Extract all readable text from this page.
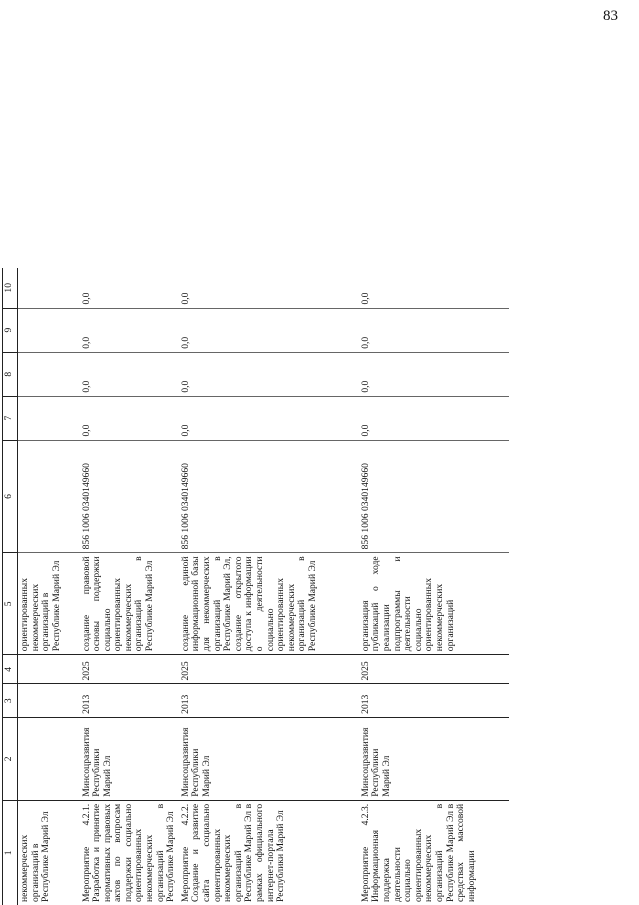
83
1	2	3	4	5	6	7	8	9	10
некоммерческих организаций в Республике Марий Эл				ориентированных некоммерческих организаций в Республике Марий Эл					
Мероприятие 4.2.1. Разработка и принятие нормативных правовых актов по вопросам поддержки социально ориентированных некоммерческих организаций в Республике Марий Эл	Минсоцразвития Республики Марий Эл	2013	2025	создание правовой основы поддержки социально ориентированных некоммерческих организаций в Республике Марий Эл	856 1006 0340149660	0,0	0,0	0,0	0,0
Мероприятие 4.2.2. Создание и развитие сайта социально ориентированных некоммерческих организаций в Республике Марий Эл в рамках официального интернет-портала Республики Марий Эл	Минсоцразвития Республики Марий Эл	2013	2025	создание единой информационной базы для некоммерческих организаций в Республике Марий Эл, создание открытого доступа к информации о деятельности социально ориентированных некоммерческих организаций в Республике Марий Эл	856 1006 0340149660	0,0	0,0	0,0	0,0
Мероприятие 4.2.3. Информационная поддержка деятельности социально ориентированных некоммерческих организаций в Республике Марий Эл в средствах массовой информации	Минсоцразвития Республики Марий Эл	2013	2025	организация публикаций о ходе реализации подпрограммы и деятельности социально ориентированных некоммерческих организаций	856 1006 0340149660	0,0	0,0	0,0	0,0
